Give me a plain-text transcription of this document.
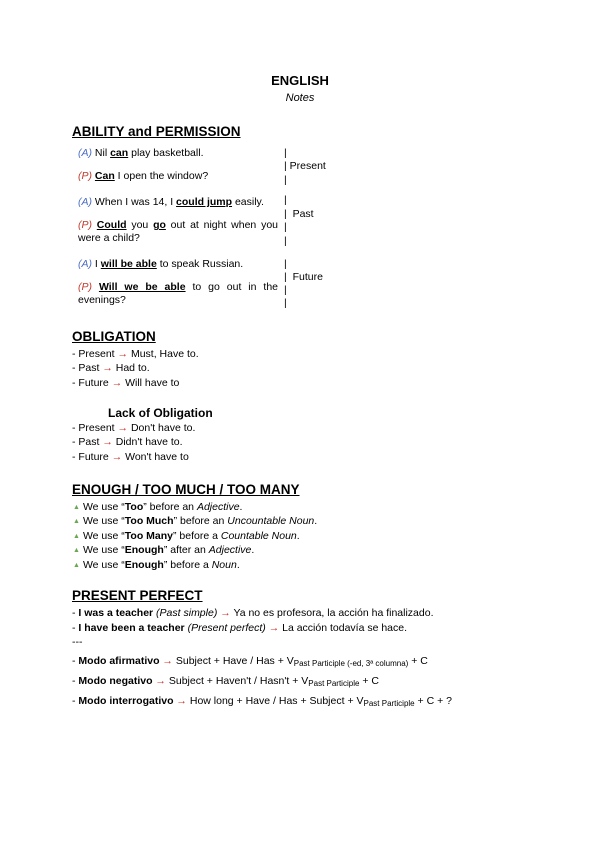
ENGLISH
Notes
ABILITY and PERMISSION
(A) Nil can play basketball.
(P) Can I open the window?
|
| Present
|
(A) When I was 14, I could jump easily.
(P) Could you go out at night when you were a child?
|
| Past
|
|
(A) I will be able to speak Russian.
(P) Will we be able to go out in the evenings?
|
| Future
|
|
OBLIGATION
- Present → Must, Have to.
- Past → Had to.
- Future → Will have to
Lack of Obligation
- Present → Don't have to.
- Past → Didn't have to.
- Future → Won't have to
ENOUGH / TOO MUCH / TOO MANY
▲ We use “Too” before an Adjective.
▲ We use “Too Much” before an Uncountable Noun.
▲ We use “Too Many” before a Countable Noun.
▲ We use “Enough” after an Adjective.
▲ We use “Enough” before a Noun.
PRESENT PERFECT
- I was a teacher (Past simple) → Ya no es profesora, la acción ha finalizado.
- I have been a teacher (Present perfect) → La acción todavía se hace.
---
- Modo afirmativo → Subject + Have / Has + $V_{Past Participle (-ed, 3ª columna)} + C$
- Modo negativo → Subject + Haven't / Hasn't + $V_{Past Participle} + C$
- Modo interrogativo → How long + Have / Has + Subject + $V_{Past Participle} + C$ + ?
